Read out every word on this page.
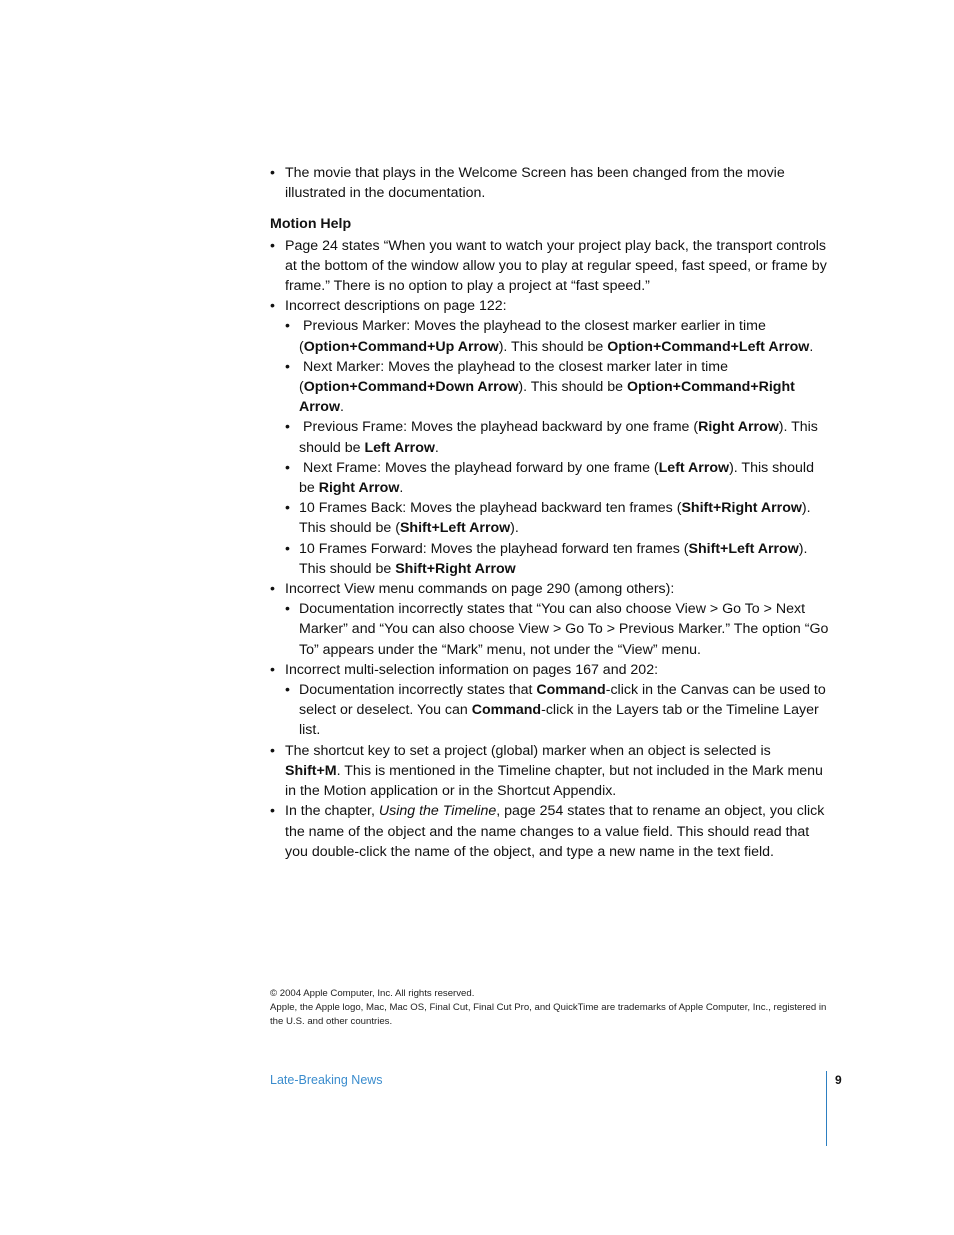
• The movie that plays in the Welcome Screen has been changed from the movie illustrated in the documentation.
Motion Help
• Page 24 states “When you want to watch your project play back, the transport controls at the bottom of the window allow you to play at regular speed, fast speed, or frame by frame.” There is no option to play a project at “fast speed.”
• Incorrect descriptions on page 122:
• Previous Marker: Moves the playhead to the closest marker earlier in time (Option+Command+Up Arrow). This should be Option+Command+Left Arrow.
• Next Marker: Moves the playhead to the closest marker later in time (Option+Command+Down Arrow). This should be Option+Command+Right Arrow.
• Previous Frame: Moves the playhead backward by one frame (Right Arrow). This should be Left Arrow.
• Next Frame: Moves the playhead forward by one frame (Left Arrow). This should be Right Arrow.
• 10 Frames Back: Moves the playhead backward ten frames (Shift+Right Arrow). This should be (Shift+Left Arrow).
• 10 Frames Forward: Moves the playhead forward ten frames (Shift+Left Arrow). This should be Shift+Right Arrow
• Incorrect View menu commands on page 290 (among others):
• Documentation incorrectly states that “You can also choose View > Go To > Next Marker” and “You can also choose View > Go To > Previous Marker.” The option “Go To” appears under the “Mark” menu, not under the “View” menu.
• Incorrect multi-selection information on pages 167 and 202:
• Documentation incorrectly states that Command-click in the Canvas can be used to select or deselect. You can Command-click in the Layers tab or the Timeline Layer list.
• The shortcut key to set a project (global) marker when an object is selected is Shift+M. This is mentioned in the Timeline chapter, but not included in the Mark menu in the Motion application or in the Shortcut Appendix.
• In the chapter, Using the Timeline, page 254 states that to rename an object, you click the name of the object and the name changes to a value field. This should read that you double-click the name of the object, and type a new name in the text field.
© 2004 Apple Computer, Inc. All rights reserved.
Apple, the Apple logo, Mac, Mac OS, Final Cut, Final Cut Pro, and QuickTime are trademarks of Apple Computer, Inc., registered in the U.S. and other countries.
Late-Breaking News	9
